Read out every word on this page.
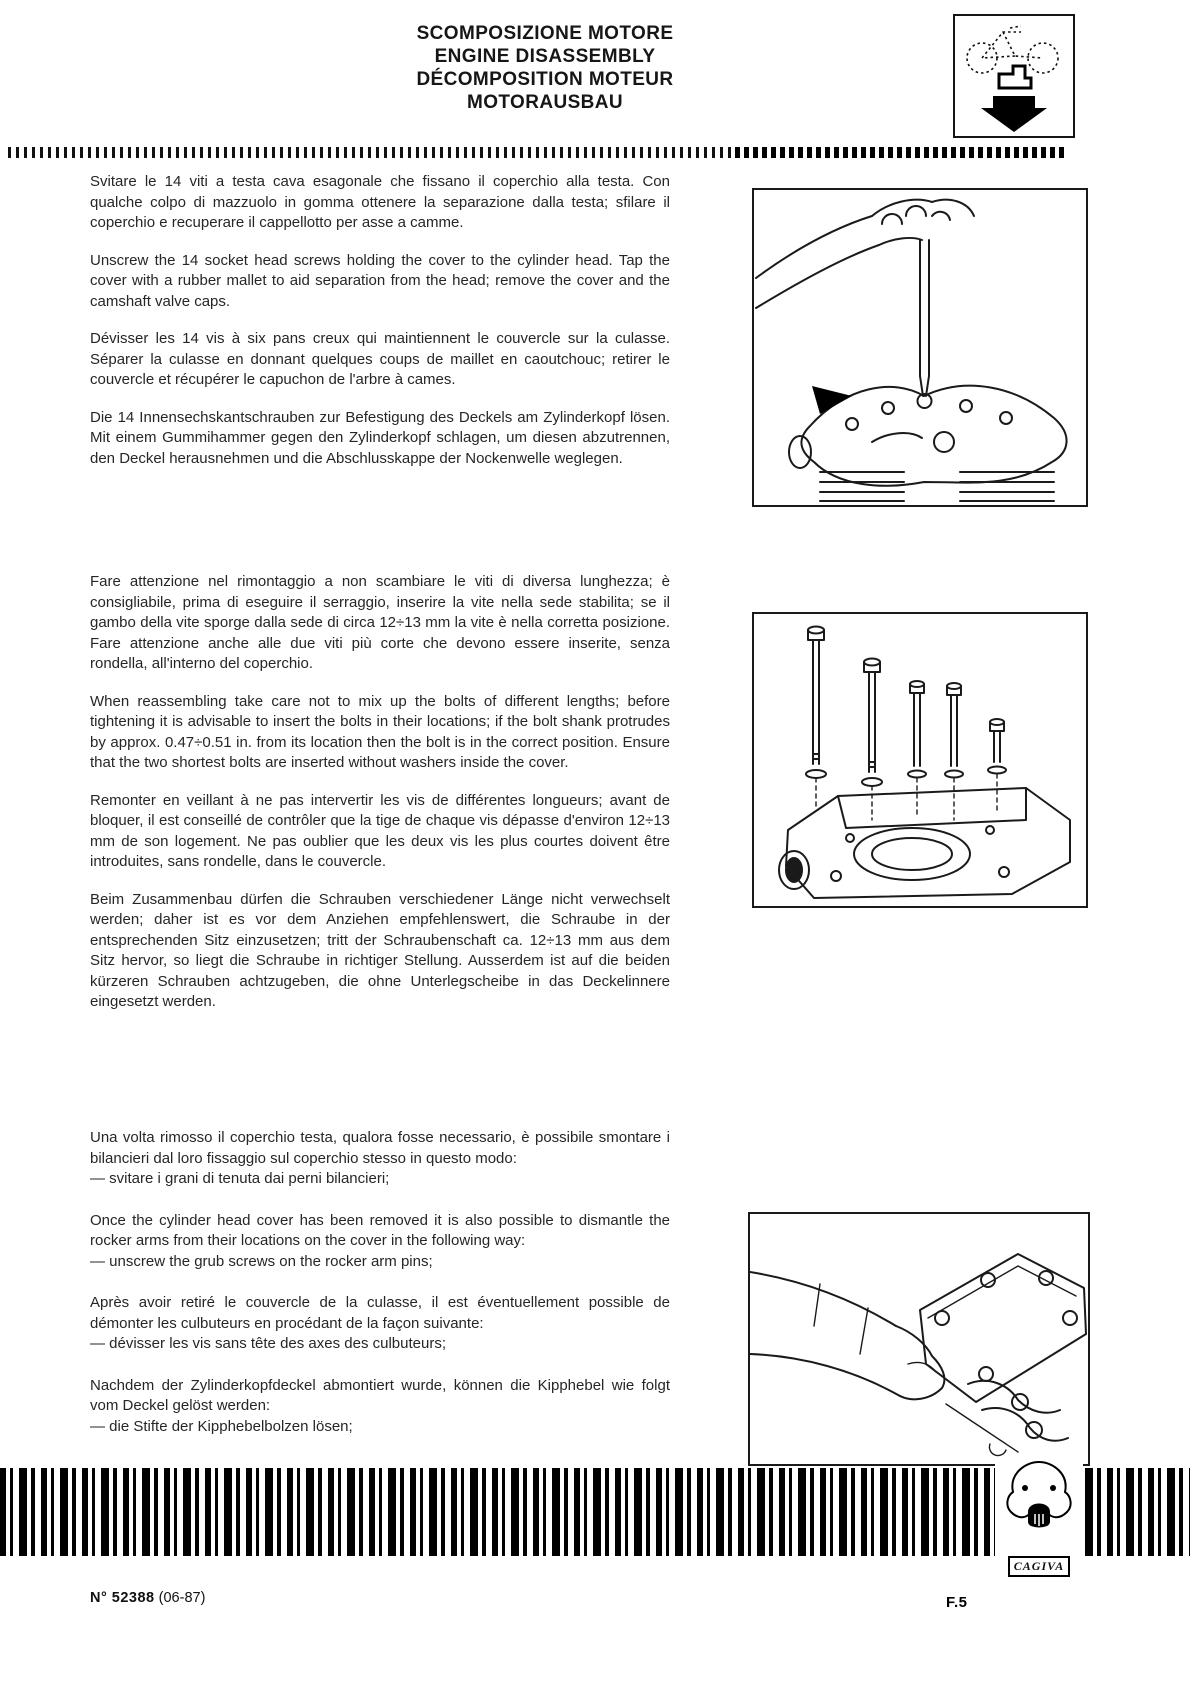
SCOMPOSIZIONE MOTORE
ENGINE DISASSEMBLY
DÉCOMPOSITION MOTEUR
MOTORAUSBAU

Svitare le 14 viti a testa cava esagonale che fissano il coperchio alla testa. Con qualche colpo di mazzuolo in gomma ottenere la separazione dalla testa; sfilare il coperchio e recuperare il cappellotto per asse a camme.

Unscrew the 14 socket head screws holding the cover to the cylinder head. Tap the cover with a rubber mallet to aid separation from the head; remove the cover and the camshaft valve caps.

Dévisser les 14 vis à six pans creux qui maintiennent le couvercle sur la culasse. Séparer la culasse en donnant quelques coups de maillet en caoutchouc; retirer le couvercle et récupérer le capuchon de l'arbre à cames.

Die 14 Innensechskantschrauben zur Befestigung des Deckels am Zylinderkopf lösen. Mit einem Gummihammer gegen den Zylinderkopf schlagen, um diesen abzutrennen, den Deckel herausnehmen und die Abschlusskappe der Nockenwelle weglegen.

Fare attenzione nel rimontaggio a non scambiare le viti di diversa lunghezza; è consigliabile, prima di eseguire il serraggio, inserire la vite nella sede stabilita; se il gambo della vite sporge dalla sede di circa 12÷13 mm la vite è nella corretta posizione. Fare attenzione anche alle due viti più corte che devono essere inserite, senza rondella, all'interno del coperchio.

When reassembling take care not to mix up the bolts of different lengths; before tightening it is advisable to insert the bolts in their locations; if the bolt shank protrudes by approx. 0.47÷0.51 in. from its location then the bolt is in the correct position. Ensure that the two shortest bolts are inserted without washers inside the cover.

Remonter en veillant à ne pas intervertir les vis de différentes longueurs; avant de bloquer, il est conseillé de contrôler que la tige de chaque vis dépasse d'environ 12÷13 mm de son logement. Ne pas oublier que les deux vis les plus courtes doivent être introduites, sans rondelle, dans le couvercle.

Beim Zusammenbau dürfen die Schrauben verschiedener Länge nicht verwechselt werden; daher ist es vor dem Anziehen empfehlenswert, die Schraube in der entsprechenden Sitz einzusetzen; tritt der Schraubenschaft ca. 12÷13 mm aus dem Sitz hervor, so liegt die Schraube in richtiger Stellung. Ausserdem ist auf die beiden kürzeren Schrauben achtzugeben, die ohne Unterlegscheibe in das Deckelinnere eingesetzt werden.

Una volta rimosso il coperchio testa, qualora fosse necessario, è possibile smontare i bilancieri dal loro fissaggio sul coperchio stesso in questo modo:
— svitare i grani di tenuta dai perni bilancieri;

Once the cylinder head cover has been removed it is also possible to dismantle the rocker arms from their locations on the cover in the following way:
— unscrew the grub screws on the rocker arm pins;

Après avoir retiré le couvercle de la culasse, il est éventuellement possible de démonter les culbuteurs en procédant de la façon suivante:
— dévisser les vis sans tête des axes des culbuteurs;

Nachdem der Zylinderkopfdeckel abmontiert wurde, können die Kipphebel wie folgt vom Deckel gelöst werden:
— die Stifte der Kipphebelbolzen lösen;

CAGIVA
N° 52388 (06-87)	F.5
